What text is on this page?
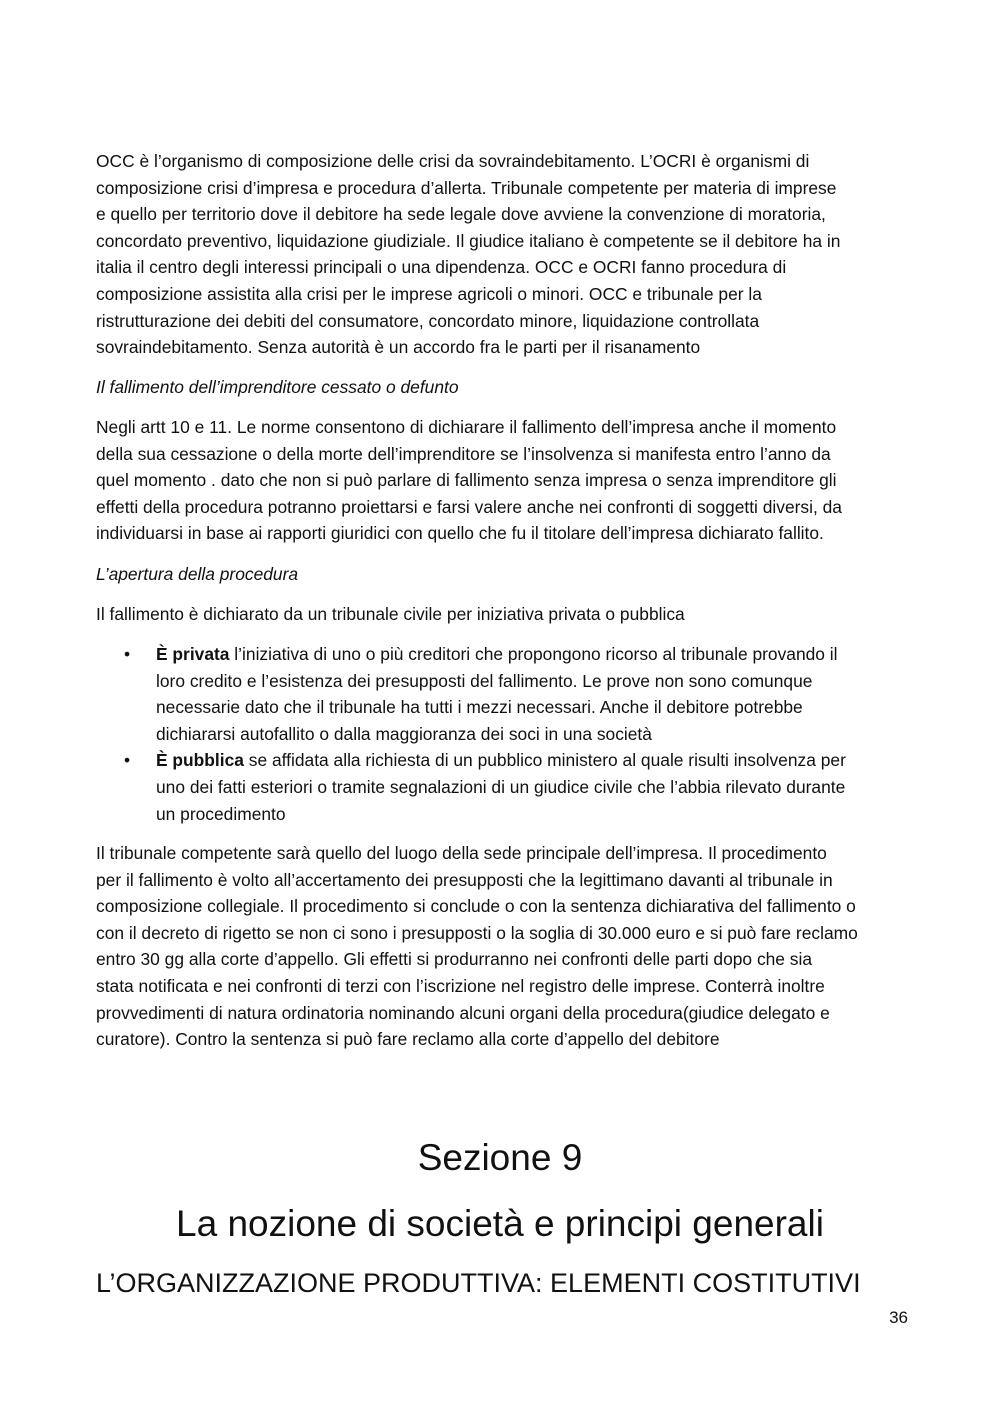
OCC è l’organismo di composizione delle crisi da sovraindebitamento. L’OCRI è organismi di
composizione crisi d’impresa e procedura d’allerta. Tribunale competente per materia di imprese
e quello per territorio dove il debitore ha sede legale dove avviene la convenzione di moratoria,
concordato preventivo, liquidazione giudiziale. Il giudice italiano è competente se il debitore ha in
italia il centro degli interessi principali o una dipendenza. OCC e OCRI fanno procedura di
composizione assistita alla crisi per le imprese agricoli o minori. OCC e tribunale per la
ristrutturazione dei debiti del consumatore, concordato minore, liquidazione controllata
sovraindebitamento. Senza autorità è un accordo fra le parti per il risanamento

Il fallimento dell’imprenditore cessato o defunto

Negli artt 10 e 11. Le norme consentono di dichiarare il fallimento dell’impresa anche il momento
della sua cessazione o della morte dell’imprenditore se l’insolvenza si manifesta entro l’anno da
quel momento . dato che non si può parlare di fallimento senza impresa o senza imprenditore gli
effetti della procedura potranno proiettarsi e farsi valere anche nei confronti di soggetti diversi, da
individuarsi in base ai rapporti giuridici con quello che fu il titolare dell’impresa dichiarato fallito.

L’apertura della procedura

Il fallimento è dichiarato da un tribunale civile per iniziativa privata o pubblica

• È privata l’iniziativa di uno o più creditori che propongono ricorso al tribunale provando il
loro credito e l’esistenza dei presupposti del fallimento. Le prove non sono comunque
necessarie dato che il tribunale ha tutti i mezzi necessari. Anche il debitore potrebbe
dichiararsi autofallito o dalla maggioranza dei soci in una società
• È pubblica se affidata alla richiesta di un pubblico ministero al quale risulti insolvenza per
uno dei fatti esteriori o tramite segnalazioni di un giudice civile che l’abbia rilevato durante
un procedimento

Il tribunale competente sarà quello del luogo della sede principale dell’impresa. Il procedimento
per il fallimento è volto all’accertamento dei presupposti che la legittimano davanti al tribunale in
composizione collegiale. Il procedimento si conclude o con la sentenza dichiarativa del fallimento o
con il decreto di rigetto se non ci sono i presupposti o la soglia di 30.000 euro e si può fare reclamo
entro 30 gg alla corte d’appello. Gli effetti si produrranno nei confronti delle parti dopo che sia
stata notificata e nei confronti di terzi con l’iscrizione nel registro delle imprese. Conterrà inoltre
provvedimenti di natura ordinatoria nominando alcuni organi della procedura(giudice delegato e
curatore). Contro la sentenza si può fare reclamo alla corte d’appello del debitore

Sezione 9
La nozione di società e principi generali
L’ORGANIZZAZIONE PRODUTTIVA: ELEMENTI COSTITUTIVI
36
